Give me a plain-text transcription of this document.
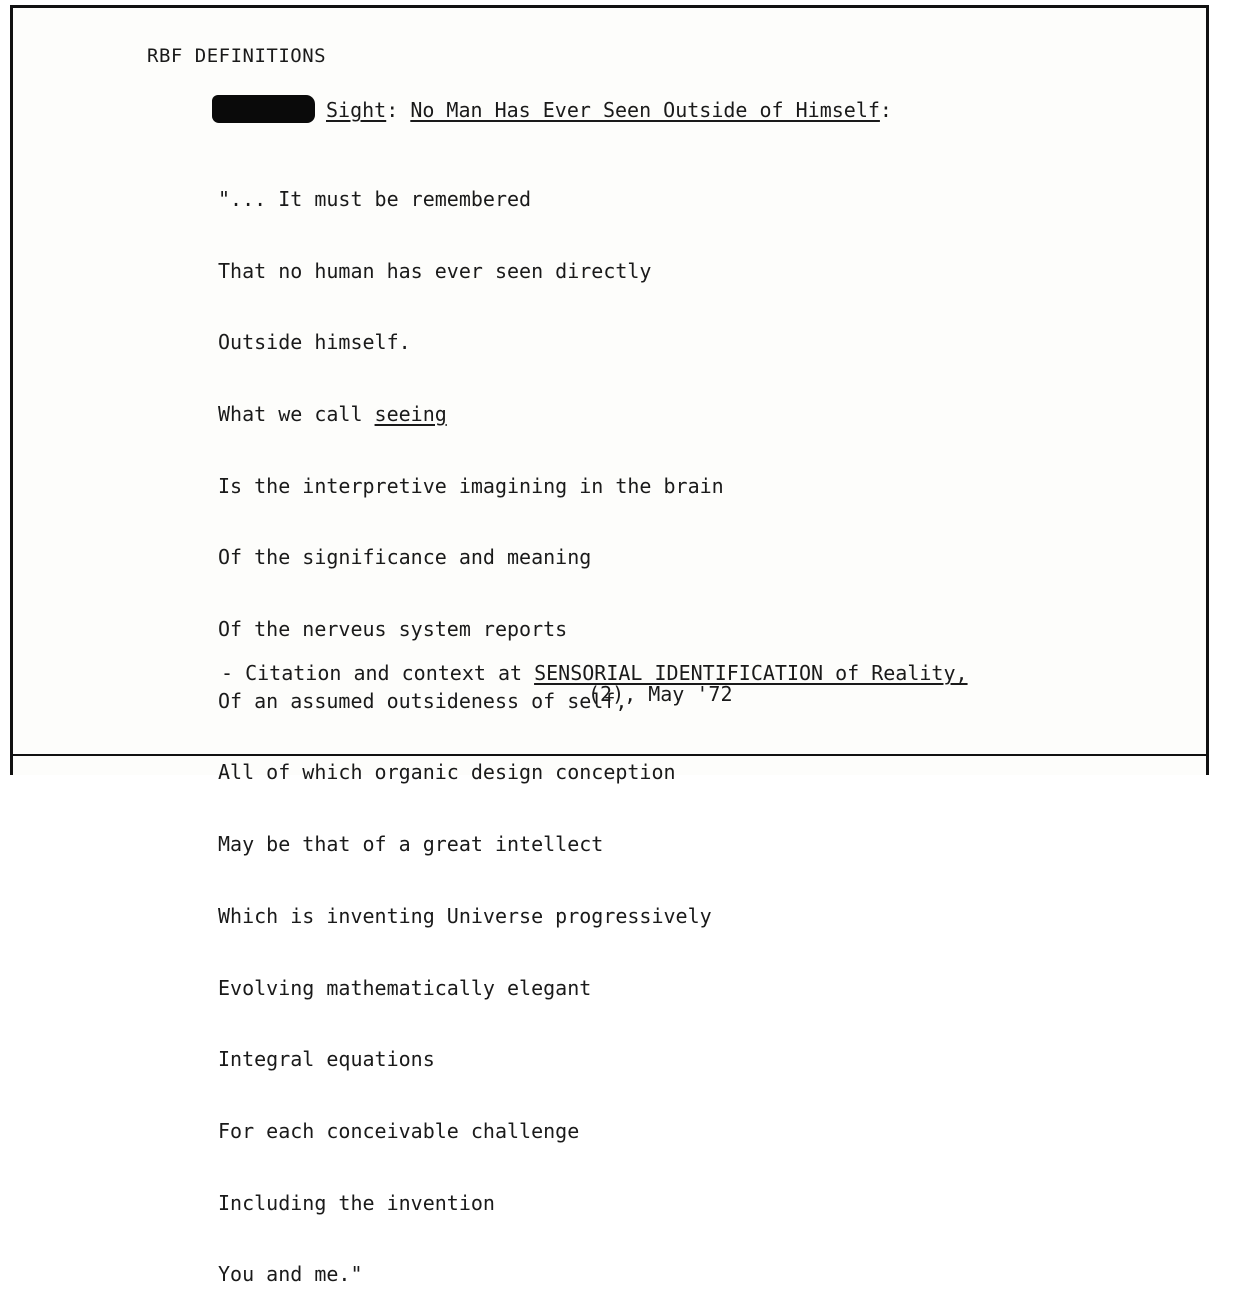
RBF DEFINITIONS
Sight: No Man Has Ever Seen Outside of Himself:

"... It must be remembered

That no human has ever seen directly

Outside himself.

What we call seeing

Is the interpretive imagining in the brain

Of the significance and meaning

Of the nerveus system reports

Of an assumed outsideness of self,

All of which organic design conception

May be that of a great intellect

Which is inventing Universe progressively

Evolving mathematically elegant

Integral equations

For each conceivable challenge

Including the invention

You and me."

- Citation and context at SENSORIAL IDENTIFICATION of Reality,
(2), May '72
